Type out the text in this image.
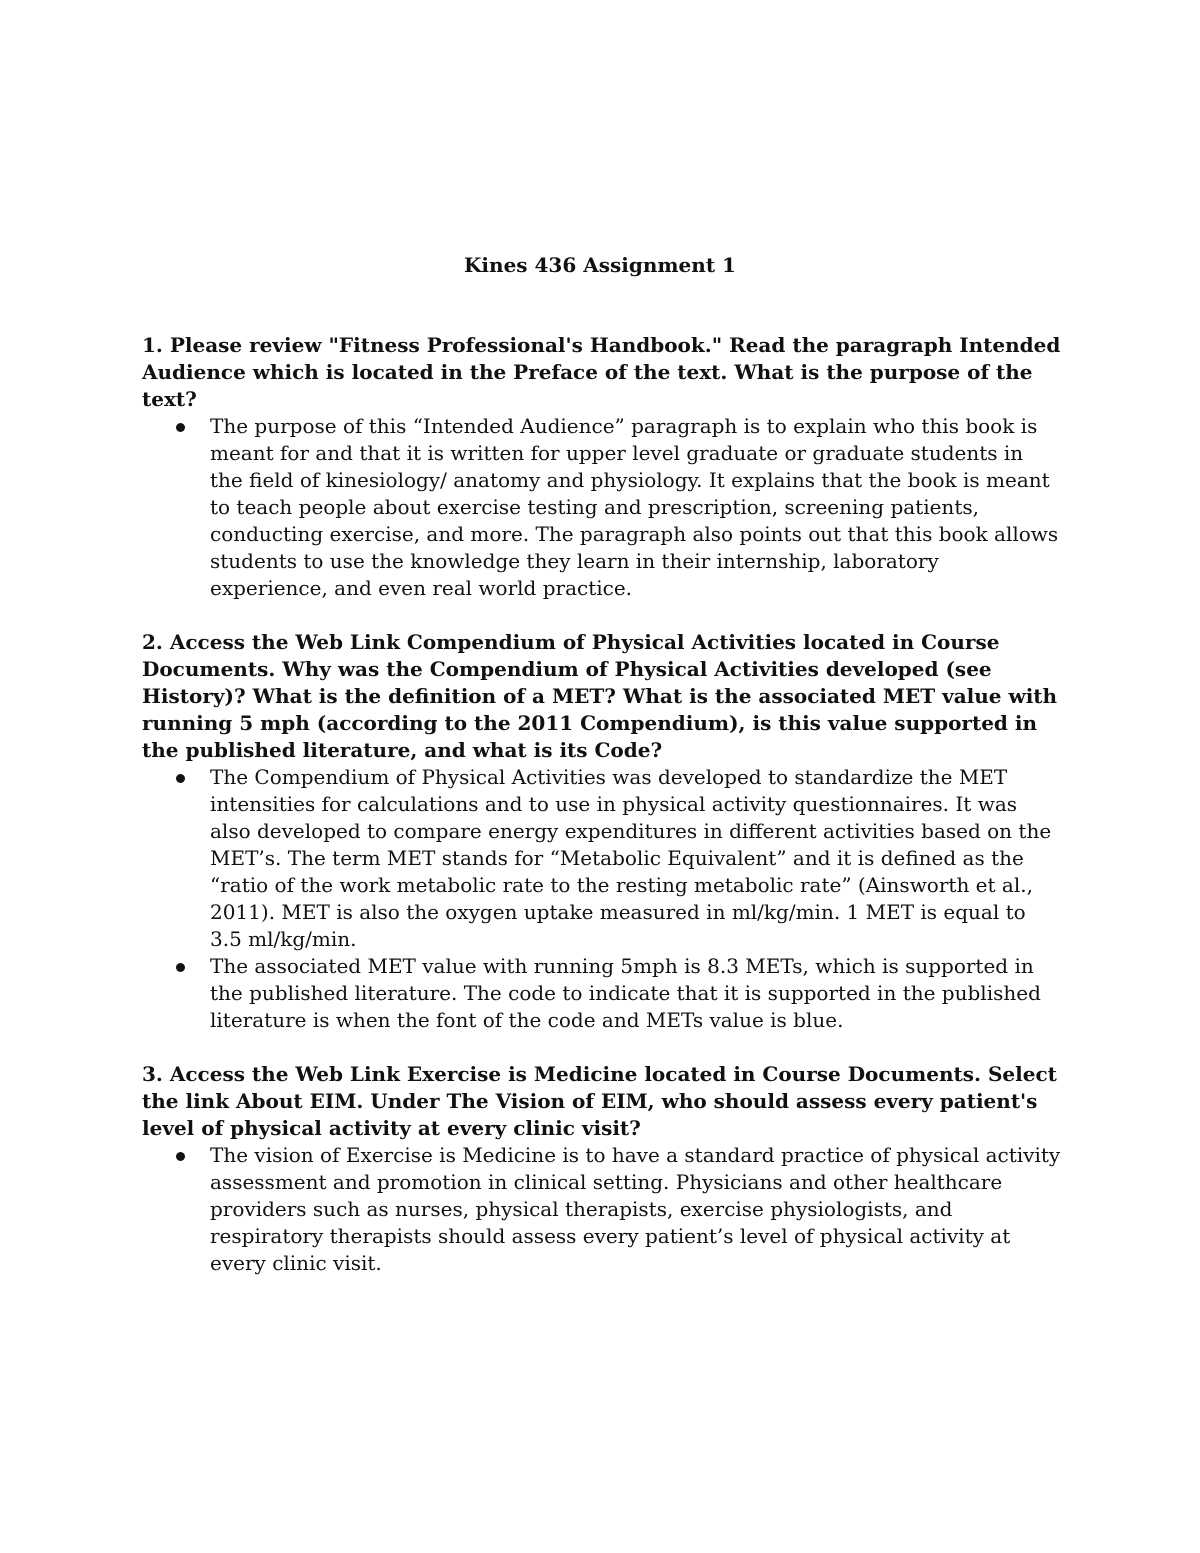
Kines 436 Assignment 1

1. Please review "Fitness Professional's Handbook." Read the paragraph Intended Audience which is located in the Preface of the text. What is the purpose of the text?

The purpose of this “Intended Audience” paragraph is to explain who this book is meant for and that it is written for upper level graduate or graduate students in the field of kinesiology/ anatomy and physiology. It explains that the book is meant to teach people about exercise testing and prescription, screening patients, conducting exercise, and more. The paragraph also points out that this book allows students to use the knowledge they learn in their internship, laboratory experience, and even real world practice.

2. Access the Web Link Compendium of Physical Activities located in Course Documents. Why was the Compendium of Physical Activities developed (see History)? What is the definition of a MET? What is the associated MET value with running 5 mph (according to the 2011 Compendium), is this value supported in the published literature, and what is its Code?

The Compendium of Physical Activities was developed to standardize the MET intensities for calculations and to use in physical activity questionnaires. It was also developed to compare energy expenditures in different activities based on the MET’s. The term MET stands for “Metabolic Equivalent” and it is defined as the “ratio of the work metabolic rate to the resting metabolic rate” (Ainsworth et al., 2011). MET is also the oxygen uptake measured in ml/kg/min. 1 MET is equal to 3.5 ml/kg/min.
The associated MET value with running 5mph is 8.3 METs, which is supported in the published literature. The code to indicate that it is supported in the published literature is when the font of the code and METs value is blue.

3. Access the Web Link Exercise is Medicine located in Course Documents. Select the link About EIM. Under The Vision of EIM, who should assess every patient's level of physical activity at every clinic visit?

The vision of Exercise is Medicine is to have a standard practice of physical activity assessment and promotion in clinical setting. Physicians and other healthcare providers such as nurses, physical therapists, exercise physiologists, and respiratory therapists should assess every patient’s level of physical activity at every clinic visit.
